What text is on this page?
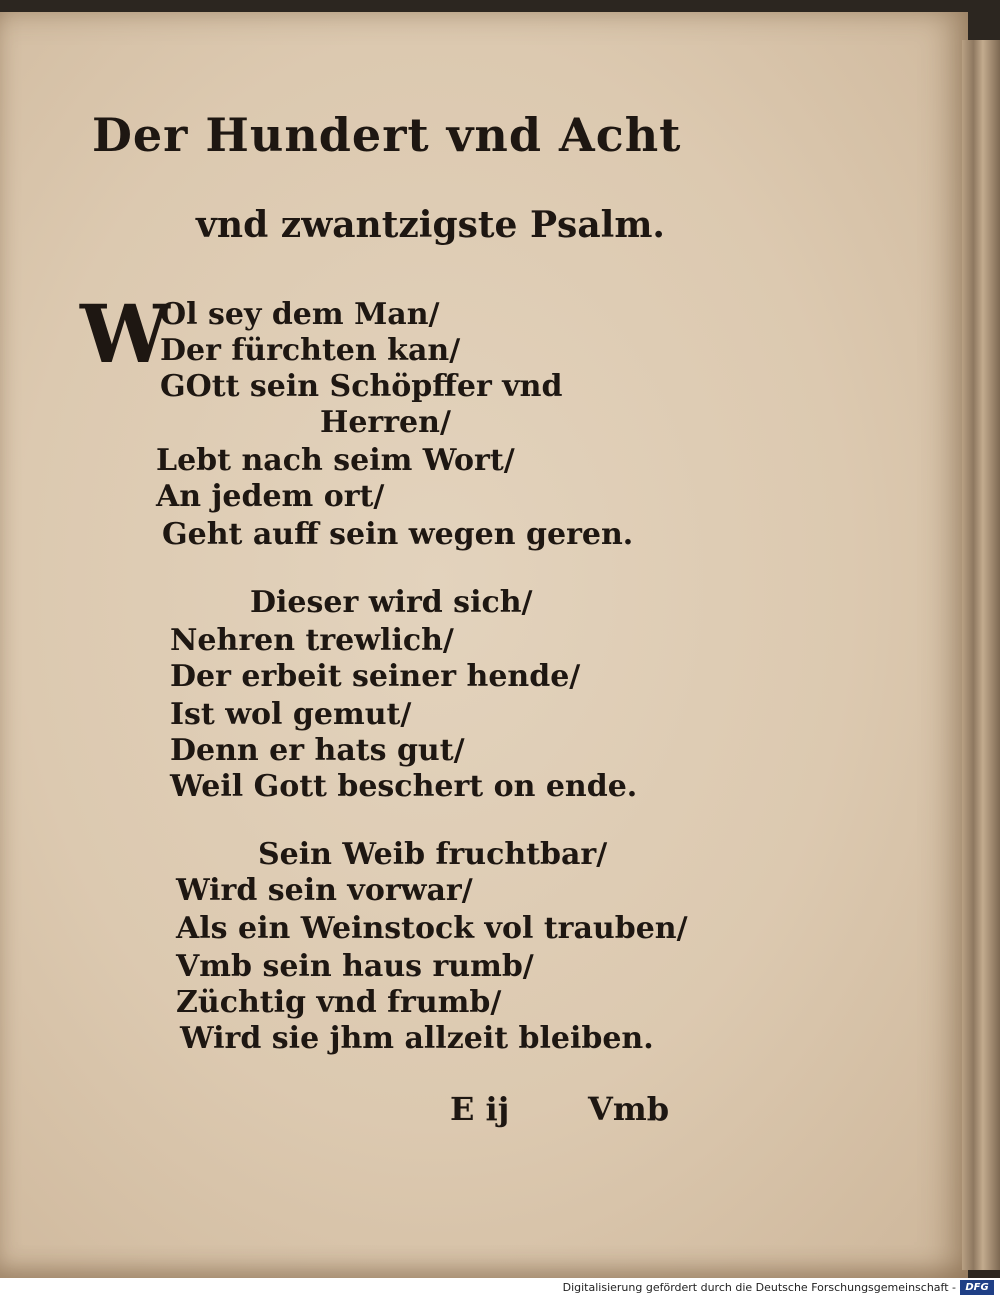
Der Hundert vnd Acht
vnd zwantzigste Psalm.
W
Ol sey dem Man/
Der fürchten kan/
GOtt sein Schöpffer vnd
Herren/
Lebt nach seim Wort/
An jedem ort/
Geht auff sein wegen geren.
Dieser wird sich/
Nehren trewlich/
Der erbeit seiner hende/
Ist wol gemut/
Denn er hats gut/
Weil Gott beschert on ende.
Sein Weib fruchtbar/
Wird sein vorwar/
Als ein Weinstock vol trauben/
Vmb sein haus rumb/
Züchtig vnd frumb/
Wird sie jhm allzeit bleiben.
E ij Vmb
Digitalisierung gefördert durch die Deutsche Forschungsgemeinschaft - DFG
